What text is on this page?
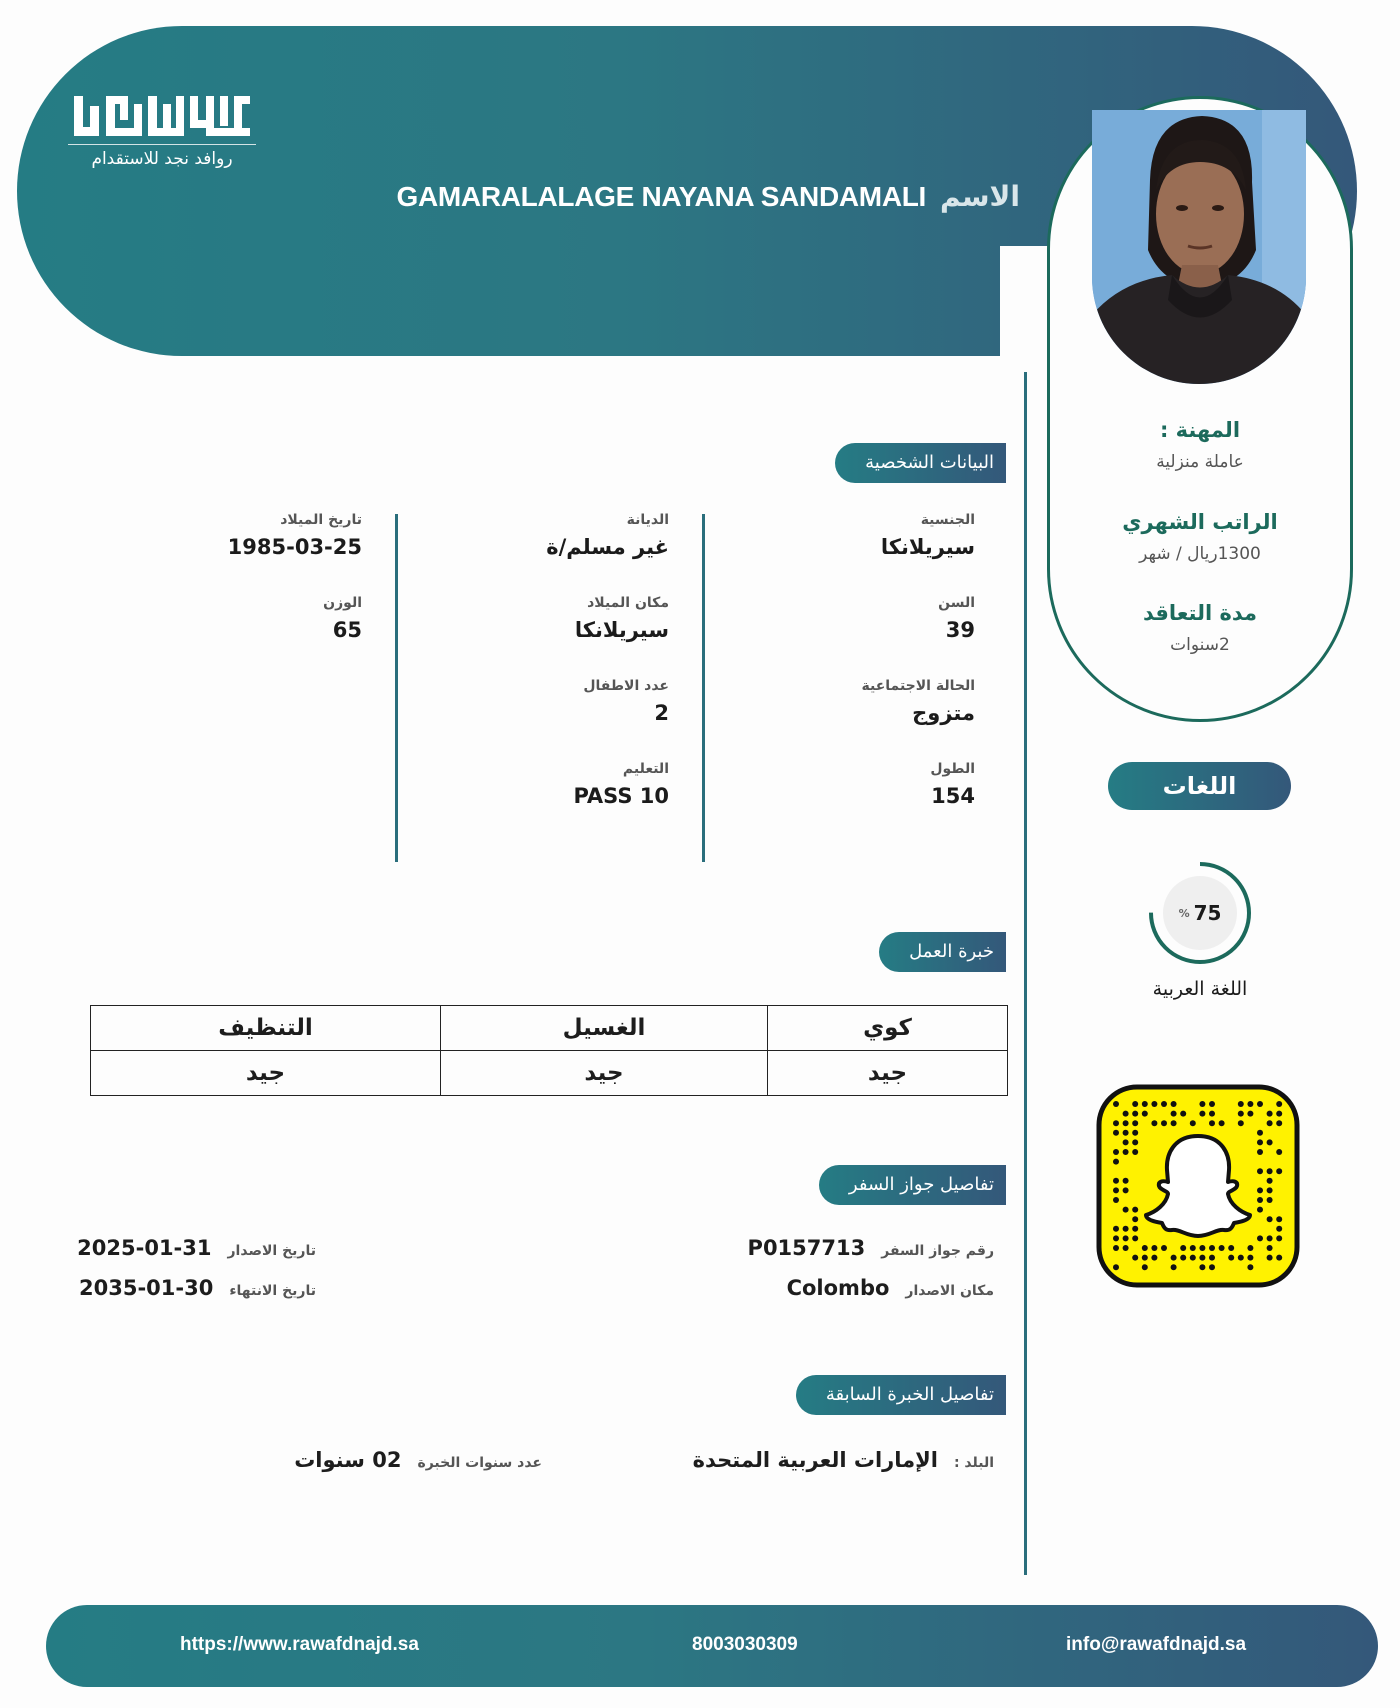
روافد نجد للاستقدام
الاسم
GAMARALALAGE NAYANA SANDAMALI
المهنة :
عاملة منزلية
الراتب الشهري
1300ريال / شهر
مدة التعاقد
2سنوات
البيانات الشخصية
خبرة العمل
تفاصيل جواز السفر
تفاصيل الخبرة السابقة
الجنسية
سيريلانكا
السن
39
الحالة الاجتماعية
متزوج
الطول
154
الديانة
غير مسلم/ة
مكان الميلاد
سيريلانكا
عدد الاطفال
2
التعليم
PASS 10
تاريخ الميلاد
1985-03-25
الوزن
65
كوي	الغسيل	التنظيف
جيد	جيد	جيد
رقم جواز السفر
P0157713
مكان الاصدار
Colombo
تاريخ الاصدار
2025-01-31
تاريخ الانتهاء
2035-01-30
البلد :
الإمارات العربية المتحدة
عدد سنوات الخبرة
02 سنوات
اللغات
% 75
اللغة العربية
https://www.rawafdnajd.sa	8003030309	info@rawafdnajd.sa
